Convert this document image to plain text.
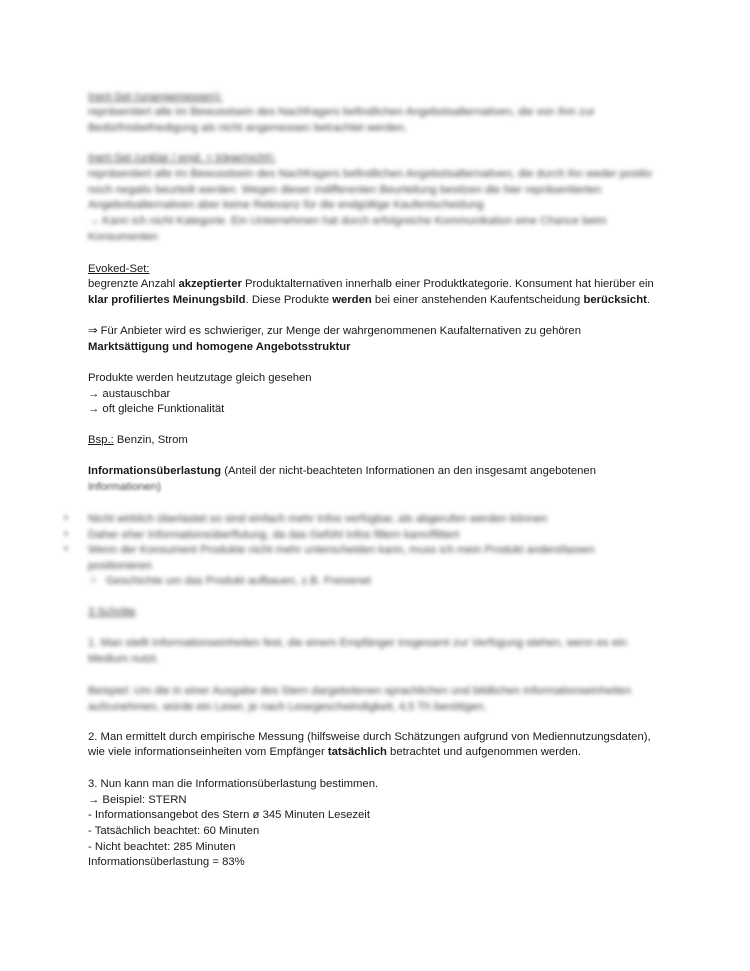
Inert-Set (unangemessen):
repräsentiert alle im Bewusstsein des Nachfragers befindlichen Angebotsalternativen, die von ihm zur
Bedürfnisbefriedigung als nicht angemessen betrachtet werden.
Inert-Set (unklar / engl. = träge/nicht):
repräsentiert alle im Bewusstsein des Nachfragers befindlichen Angebotsalternativen, die durch ihn weder positiv
noch negativ beurteilt werden. Wegen dieser indifferenten Beurteilung besitzen die hier repräsentierten
Angebotsalternativen aber keine Relevanz für die endgültige Kaufentscheidung
→ Kann ich nicht Kategorie. Ein Unternehmen hat durch erfolgreiche Kommunikation eine Chance beim
Konsumenten
Evoked-Set:
begrenzte Anzahl akzeptierter Produktalternativen innerhalb einer Produktkategorie. Konsument hat hierüber ein
klar profiliertes Meinungsbild. Diese Produkte werden bei einer anstehenden Kaufentscheidung berücksicht.
⇒ Für Anbieter wird es schwieriger, zur Menge der wahrgenommenen Kaufalternativen zu gehören
Marktsättigung und homogene Angebotsstruktur
Produkte werden heutzutage gleich gesehen
→ austauschbar
→ oft gleiche Funktionalität
Bsp.: Benzin, Strom
Informationsüberlastung (Anteil der nicht-beachteten Informationen an den insgesamt angebotenen
Informationen)
• Nicht wirklich überlastet so sind einfach mehr Infos verfügbar, als abgerufen werden können
• Daher eher Informationsüberflutung, da das Gefühl Infos fillern kann/flittert
• Wenn der Konsument Produkte nicht mehr unterscheiden kann, muss ich mein Produkt andersfassen
positionieren
○ Geschichte um das Produkt aufbauen, z.B. Freixenet
3 Schritte
1. Man stellt Informationseinheiten fest, die einem Empfänger insgesamt zur Verfügung stehen, wenn es ein
Medium nutzt.
Beispiel: Um die in einer Ausgabe des Stern dargebotenen sprachlichen und bildlichen Informationseinheiten
aufzunehmen, würde ein Leser, je nach Lesegeschwindigkeit, 4,5 Th benötigen.
2. Man ermittelt durch empirische Messung (hilfsweise durch Schätzungen aufgrund von Mediennutzungsdaten),
wie viele informationseinheiten vom Empfänger tatsächlich betrachtet und aufgenommen werden.
3. Nun kann man die Informationsüberlastung bestimmen.
→ Beispiel: STERN
- Informationsangebot des Stern ø 345 Minuten Lesezeit
- Tatsächlich beachtet: 60 Minuten
- Nicht beachtet: 285 Minuten
Informationsüberlastung = 83%
